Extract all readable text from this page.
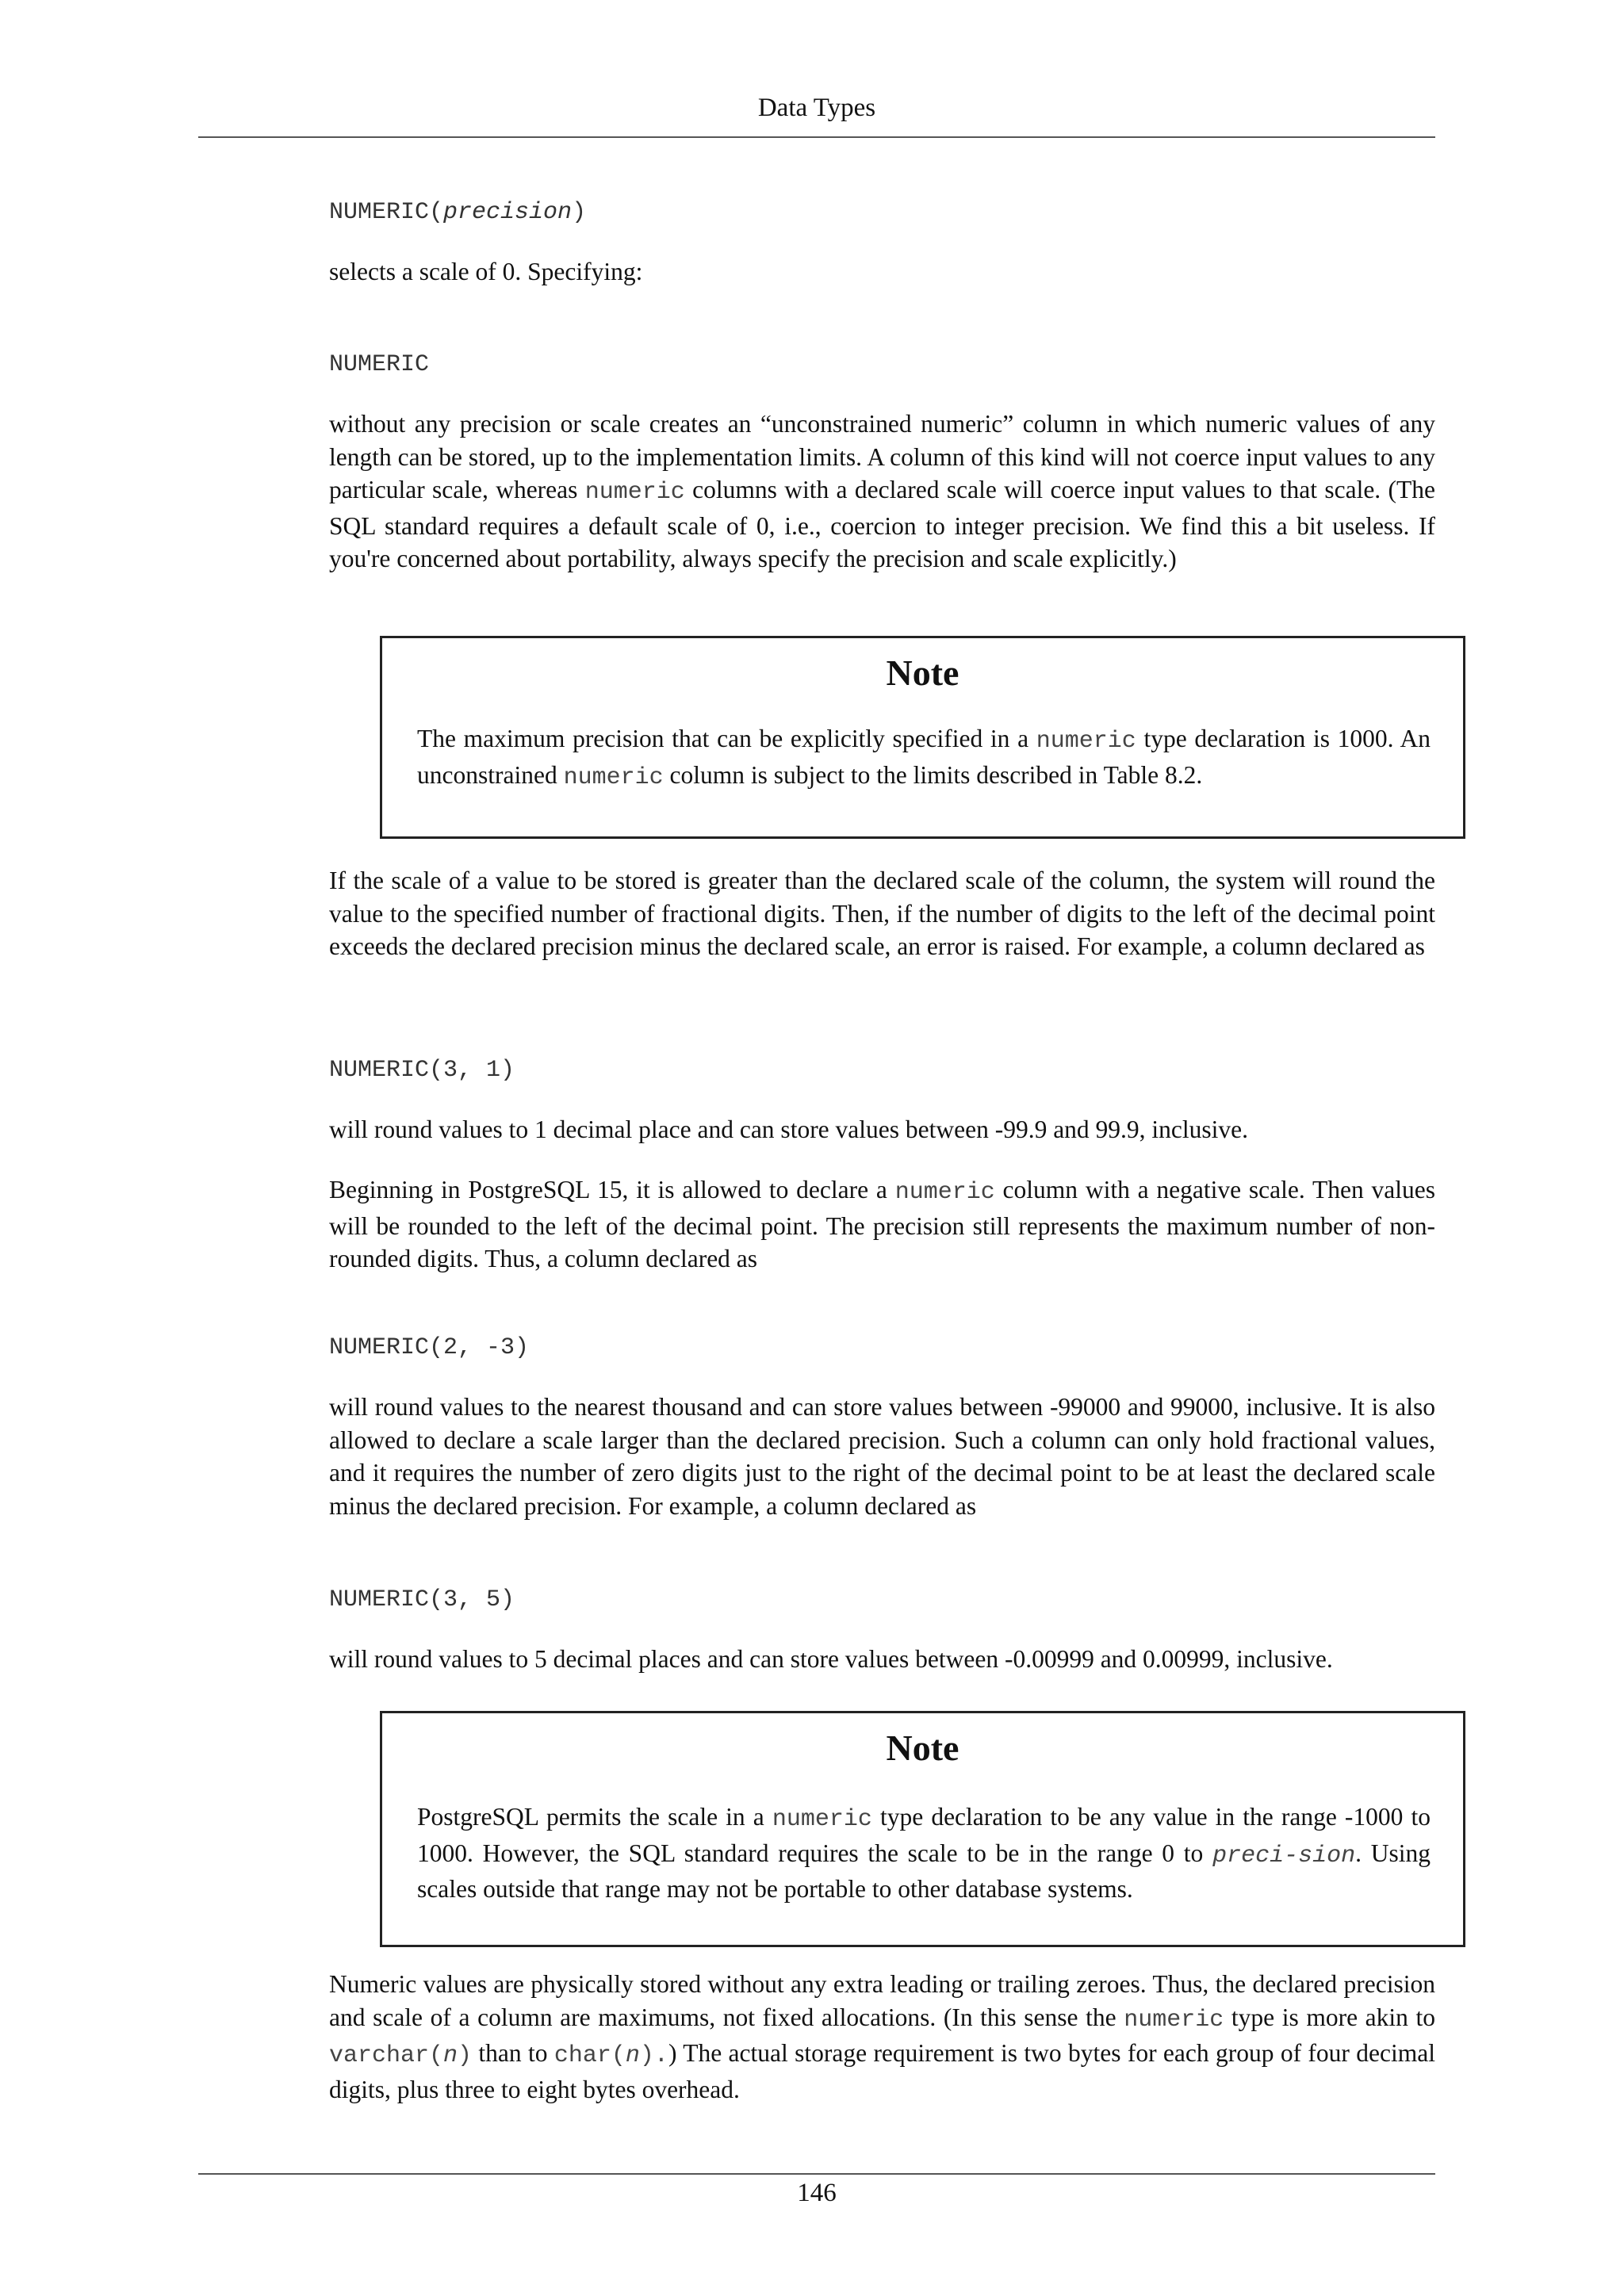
Data Types
NUMERIC(precision)
selects a scale of 0. Specifying:
NUMERIC
without any precision or scale creates an “unconstrained numeric” column in which numeric values of any length can be stored, up to the implementation limits. A column of this kind will not coerce input values to any particular scale, whereas numeric columns with a declared scale will coerce input values to that scale. (The SQL standard requires a default scale of 0, i.e., coercion to integer precision. We find this a bit useless. If you're concerned about portability, always specify the precision and scale explicitly.)
If the scale of a value to be stored is greater than the declared scale of the column, the system will round the value to the specified number of fractional digits. Then, if the number of digits to the left of the decimal point exceeds the declared precision minus the declared scale, an error is raised. For example, a column declared as
NUMERIC(3, 1)
will round values to 1 decimal place and can store values between -99.9 and 99.9, inclusive.
Beginning in PostgreSQL 15, it is allowed to declare a numeric column with a negative scale. Then values will be rounded to the left of the decimal point. The precision still represents the maximum number of non-rounded digits. Thus, a column declared as
NUMERIC(2, -3)
will round values to the nearest thousand and can store values between -99000 and 99000, inclusive. It is also allowed to declare a scale larger than the declared precision. Such a column can only hold fractional values, and it requires the number of zero digits just to the right of the decimal point to be at least the declared scale minus the declared precision. For example, a column declared as
NUMERIC(3, 5)
will round values to 5 decimal places and can store values between -0.00999 and 0.00999, inclusive.
Numeric values are physically stored without any extra leading or trailing zeroes. Thus, the declared precision and scale of a column are maximums, not fixed allocations. (In this sense the numeric type is more akin to varchar(n) than to char(n).) The actual storage requirement is two bytes for each group of four decimal digits, plus three to eight bytes overhead.
Note
The maximum precision that can be explicitly specified in a numeric type declaration is 1000. An unconstrained numeric column is subject to the limits described in Table 8.2.
Note
PostgreSQL permits the scale in a numeric type declaration to be any value in the range -1000 to 1000. However, the SQL standard requires the scale to be in the range 0 to preci-sion. Using scales outside that range may not be portable to other database systems.
146
